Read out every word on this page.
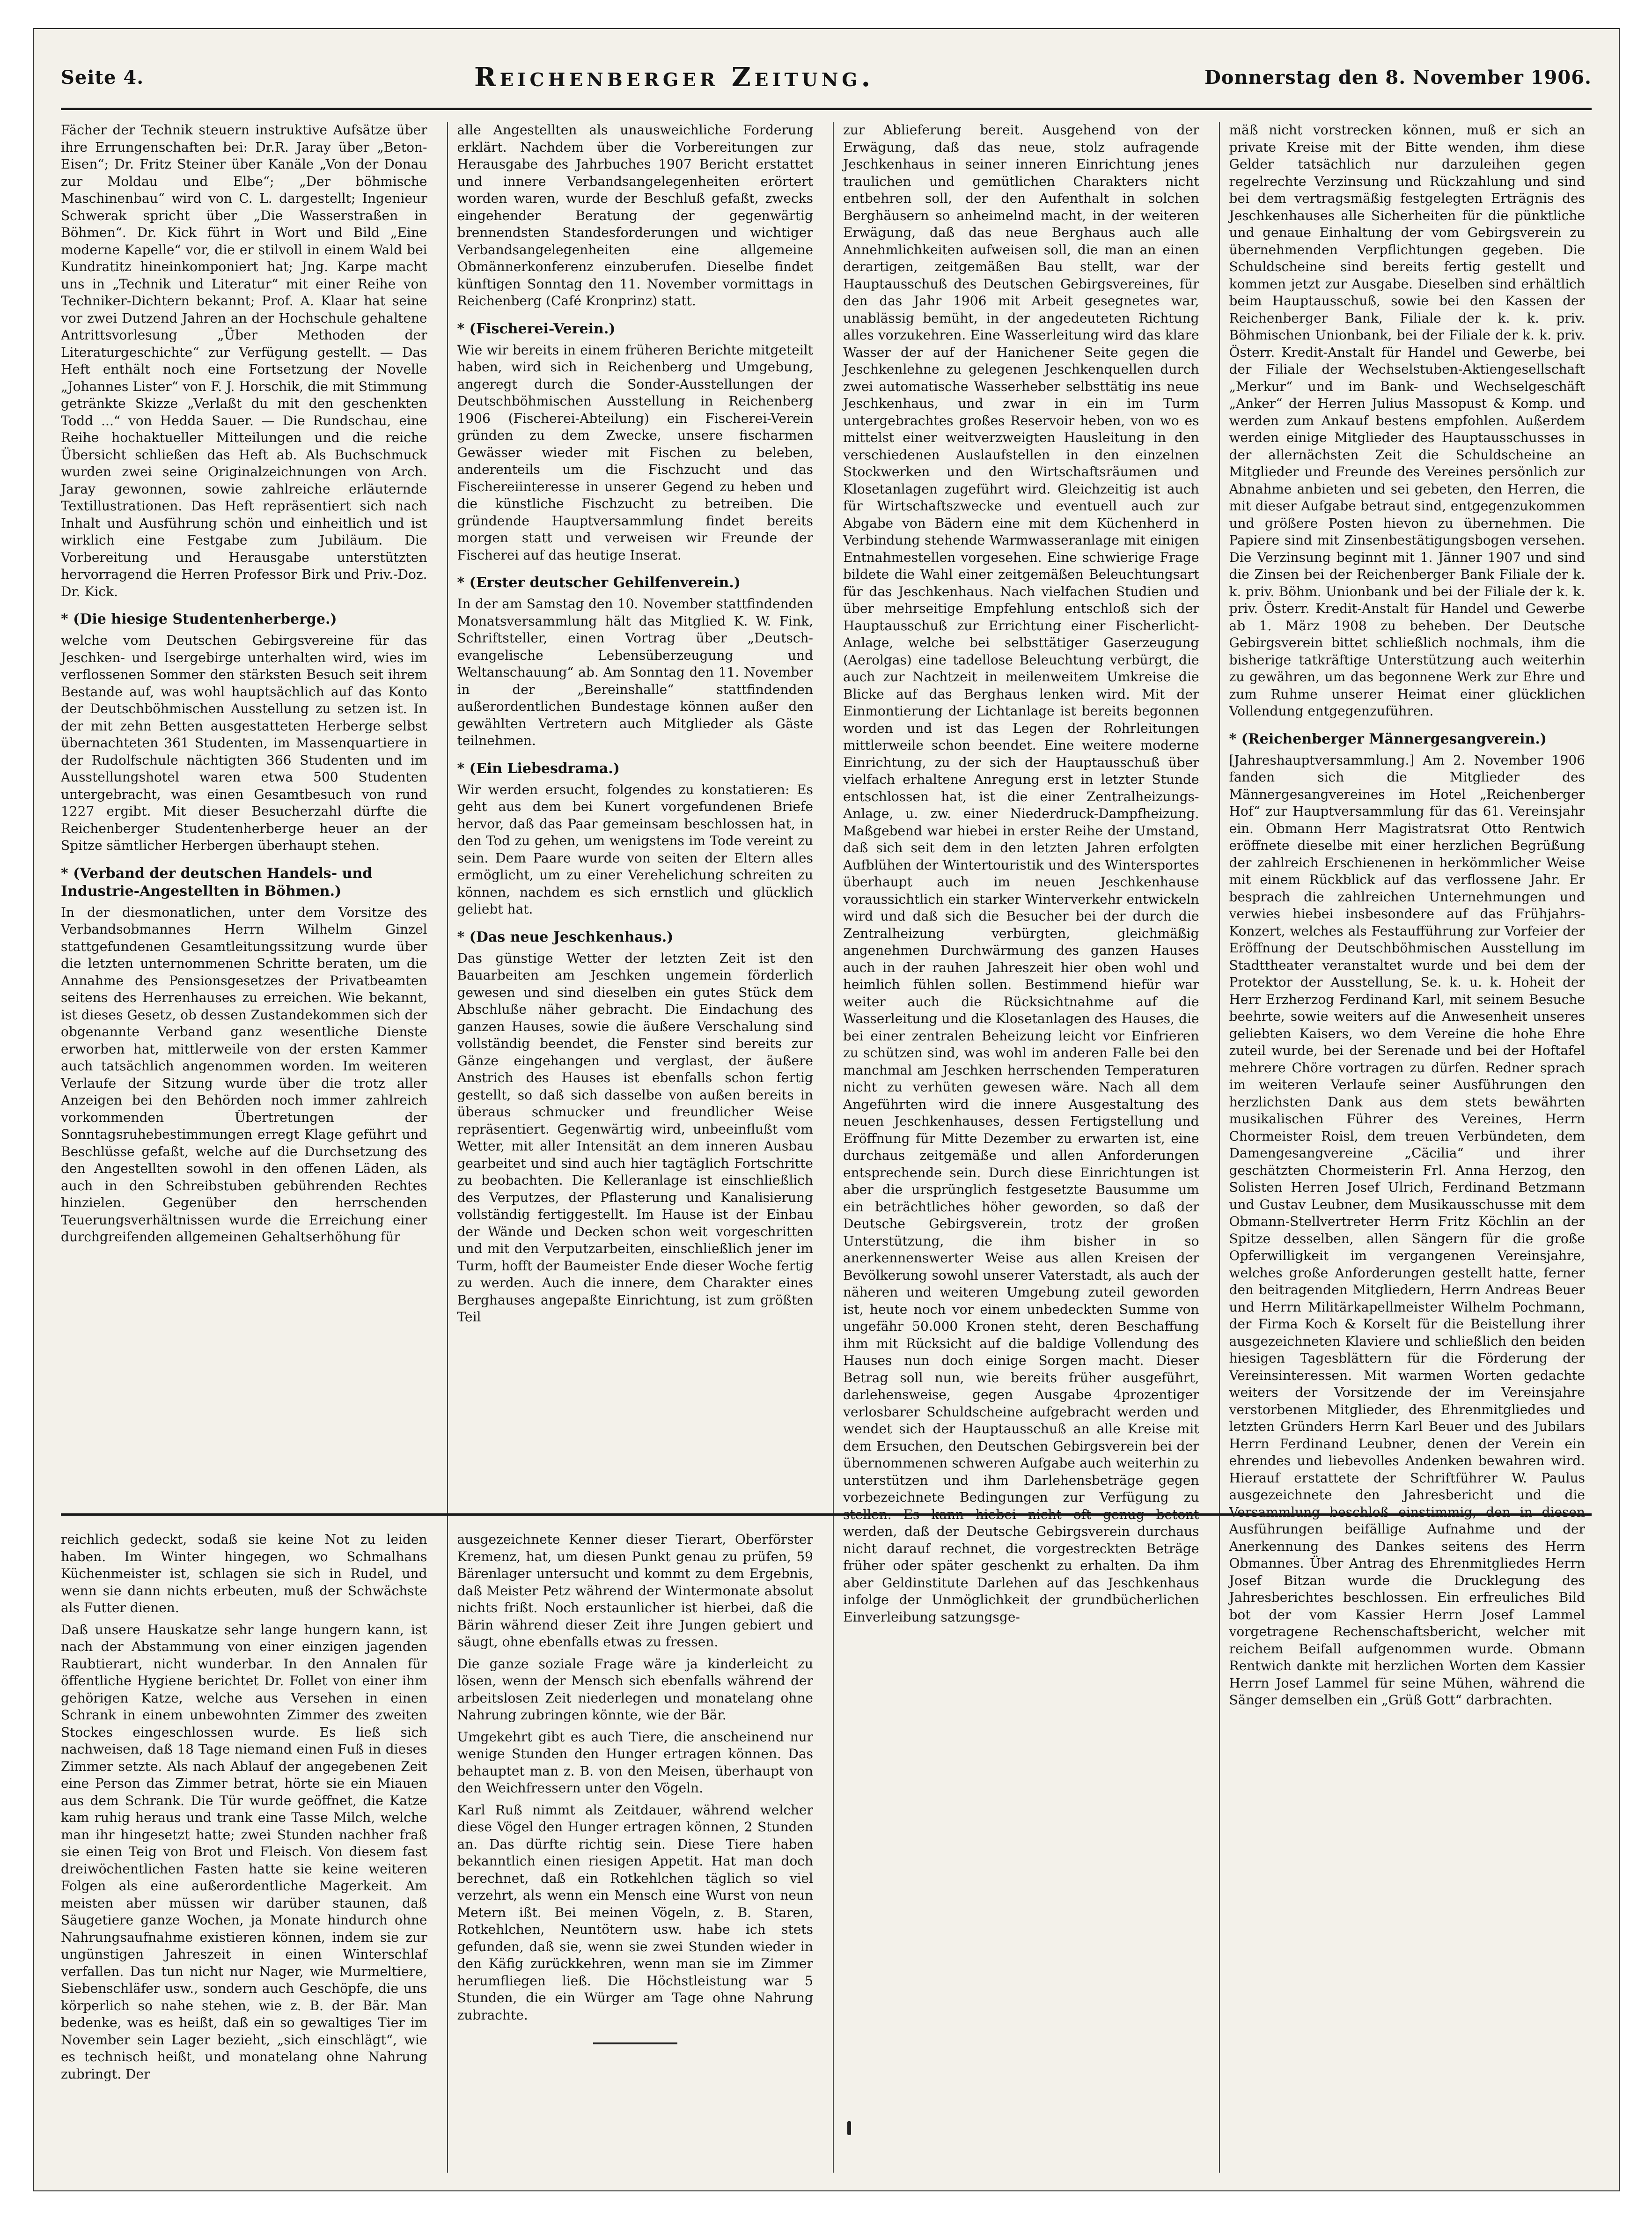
Seite 4.	Reichenberger Zeitung.	Donnerstag den 8. November 1906.

Fächer der Technik steuern instruktive Aufsätze über ihre Errungenschaften bei: Dr.R. Jaray über „Beton-Eisen“; Dr. Fritz Steiner über Kanäle „Von der Donau zur Moldau und Elbe“; „Der böhmische Maschinenbau“ wird von C. L. dargestellt; Ingenieur Schwerak spricht über „Die Wasserstraßen in Böhmen“. Dr. Kick führt in Wort und Bild „Eine moderne Kapelle“ vor, die er stilvoll in einem Wald bei Kundratitz hineinkomponiert hat; Jng. Karpe macht uns in „Technik und Literatur“ mit einer Reihe von Techniker-Dichtern bekannt; Prof. A. Klaar hat seine vor zwei Dutzend Jahren an der Hochschule gehaltene Antrittsvorlesung „Über Methoden der Literaturgeschichte“ zur Verfügung gestellt. — Das Heft enthält noch eine Fortsetzung der Novelle „Johannes Lister“ von F. J. Horschik, die mit Stimmung getränkte Skizze „Verlaßt du mit den geschenkten Todd ...“ von Hedda Sauer. — Die Rundschau, eine Reihe hochaktueller Mitteilungen und die reiche Übersicht schließen das Heft ab. Als Buchschmuck wurden zwei seine Originalzeichnungen von Arch. Jaray gewonnen, sowie zahlreiche erläuternde Textillustrationen. Das Heft repräsentiert sich nach Inhalt und Ausführung schön und einheitlich und ist wirklich eine Festgabe zum Jubiläum. Die Vorbereitung und Herausgabe unterstützten hervorragend die Herren Professor Birk und Priv.-Doz. Dr. Kick.

* (Die hiesige Studentenherberge.)

welche vom Deutschen Gebirgsvereine für das Jeschken- und Isergebirge unterhalten wird, wies im verflossenen Sommer den stärksten Besuch seit ihrem Bestande auf, was wohl hauptsächlich auf das Konto der Deutschböhmischen Ausstellung zu setzen ist. In der mit zehn Betten ausgestatteten Herberge selbst übernachteten 361 Studenten, im Massenquartiere in der Rudolfschule nächtigten 366 Studenten und im Ausstellungshotel waren etwa 500 Studenten untergebracht, was einen Gesamtbesuch von rund 1227 ergibt. Mit dieser Besucherzahl dürfte die Reichenberger Studentenherberge heuer an der Spitze sämtlicher Herbergen überhaupt stehen.

* (Verband der deutschen Handels- und Industrie-Angestellten in Böhmen.)

In der diesmonatlichen, unter dem Vorsitze des Verbandsobmannes Herrn Wilhelm Ginzel stattgefundenen Gesamtleitungssitzung wurde über die letzten unternommenen Schritte beraten, um die Annahme des Pensionsgesetzes der Privatbeamten seitens des Herrenhauses zu erreichen. Wie bekannt, ist dieses Gesetz, ob dessen Zustandekommen sich der obgenannte Verband ganz wesentliche Dienste erworben hat, mittlerweile von der ersten Kammer auch tatsächlich angenommen worden. Im weiteren Verlaufe der Sitzung wurde über die trotz aller Anzeigen bei den Behörden noch immer zahlreich vorkommenden Übertretungen der Sonntagsruhebestimmungen erregt Klage geführt und Beschlüsse gefaßt, welche auf die Durchsetzung des den Angestellten sowohl in den offenen Läden, als auch in den Schreibstuben gebührenden Rechtes hinzielen. Gegenüber den herrschenden Teuerungsverhältnissen wurde die Erreichung einer durchgreifenden allgemeinen Gehaltserhöhung für

alle Angestellten als unausweichliche Forderung erklärt. Nachdem über die Vorbereitungen zur Herausgabe des Jahrbuches 1907 Bericht erstattet und innere Verbandsangelegenheiten erörtert worden waren, wurde der Beschluß gefaßt, zwecks eingehender Beratung der gegenwärtig brennendsten Standesforderungen und wichtiger Verbandsangelegenheiten eine allgemeine Obmännerkonferenz einzuberufen. Dieselbe findet künftigen Sonntag den 11. November vormittags in Reichenberg (Café Kronprinz) statt.

* (Fischerei-Verein.)

Wie wir bereits in einem früheren Berichte mitgeteilt haben, wird sich in Reichenberg und Umgebung, angeregt durch die Sonder-Ausstellungen der Deutschböhmischen Ausstellung in Reichenberg 1906 (Fischerei-Abteilung) ein Fischerei-Verein gründen zu dem Zwecke, unsere fischarmen Gewässer wieder mit Fischen zu beleben, anderenteils um die Fischzucht und das Fischereiinteresse in unserer Gegend zu heben und die künstliche Fischzucht zu betreiben. Die gründende Hauptversammlung findet bereits morgen statt und verweisen wir Freunde der Fischerei auf das heutige Inserat.

* (Erster deutscher Gehilfenverein.)

In der am Samstag den 10. November stattfindenden Monatsversammlung hält das Mitglied K. W. Fink, Schriftsteller, einen Vortrag über „Deutsch-evangelische Lebensüberzeugung und Weltanschauung“ ab. Am Sonntag den 11. November in der „Bereinshalle“ stattfindenden außerordentlichen Bundestage können außer den gewählten Vertretern auch Mitglieder als Gäste teilnehmen.

* (Ein Liebesdrama.)

Wir werden ersucht, folgendes zu konstatieren: Es geht aus dem bei Kunert vorgefundenen Briefe hervor, daß das Paar gemeinsam beschlossen hat, in den Tod zu gehen, um wenigstens im Tode vereint zu sein. Dem Paare wurde von seiten der Eltern alles ermöglicht, um zu einer Verehelichung schreiten zu können, nachdem es sich ernstlich und glücklich geliebt hat.

* (Das neue Jeschkenhaus.)

Das günstige Wetter der letzten Zeit ist den Bauarbeiten am Jeschken ungemein förderlich gewesen und sind dieselben ein gutes Stück dem Abschluße näher gebracht. Die Eindachung des ganzen Hauses, sowie die äußere Verschalung sind vollständig beendet, die Fenster sind bereits zur Gänze eingehangen und verglast, der äußere Anstrich des Hauses ist ebenfalls schon fertig gestellt, so daß sich dasselbe von außen bereits in überaus schmucker und freundlicher Weise repräsentiert. Gegenwärtig wird, unbeeinflußt vom Wetter, mit aller Intensität an dem inneren Ausbau gearbeitet und sind auch hier tagtäglich Fortschritte zu beobachten. Die Kelleranlage ist einschließlich des Verputzes, der Pflasterung und Kanalisierung vollständig fertiggestellt. Im Hause ist der Einbau der Wände und Decken schon weit vorgeschritten und mit den Verputzarbeiten, einschließlich jener im Turm, hofft der Baumeister Ende dieser Woche fertig zu werden. Auch die innere, dem Charakter eines Berghauses angepaßte Einrichtung, ist zum größten Teil

zur Ablieferung bereit. Ausgehend von der Erwägung, daß das neue, stolz aufragende Jeschkenhaus in seiner inneren Einrichtung jenes traulichen und gemütlichen Charakters nicht entbehren soll, der den Aufenthalt in solchen Berghäusern so anheimelnd macht, in der weiteren Erwägung, daß das neue Berghaus auch alle Annehmlichkeiten aufweisen soll, die man an einen derartigen, zeitgemäßen Bau stellt, war der Hauptausschuß des Deutschen Gebirgsvereines, für den das Jahr 1906 mit Arbeit gesegnetes war, unablässig bemüht, in der angedeuteten Richtung alles vorzukehren. Eine Wasserleitung wird das klare Wasser der auf der Hanichener Seite gegen die Jeschkenlehne zu gelegenen Jeschkenquellen durch zwei automatische Wasserheber selbsttätig ins neue Jeschkenhaus, und zwar in ein im Turm untergebrachtes großes Reservoir heben, von wo es mittelst einer weitverzweigten Hausleitung in den verschiedenen Auslaufstellen in den einzelnen Stockwerken und den Wirtschaftsräumen und Klosetanlagen zugeführt wird. Gleichzeitig ist auch für Wirtschaftszwecke und eventuell auch zur Abgabe von Bädern eine mit dem Küchenherd in Verbindung stehende Warmwasseranlage mit einigen Entnahmestellen vorgesehen. Eine schwierige Frage bildete die Wahl einer zeitgemäßen Beleuchtungsart für das Jeschkenhaus. Nach vielfachen Studien und über mehrseitige Empfehlung entschloß sich der Hauptausschuß zur Errichtung einer Fischerlicht-Anlage, welche bei selbsttätiger Gaserzeugung (Aerolgas) eine tadellose Beleuchtung verbürgt, die auch zur Nachtzeit in meilenweitem Umkreise die Blicke auf das Berghaus lenken wird. Mit der Einmontierung der Lichtanlage ist bereits begonnen worden und ist das Legen der Rohrleitungen mittlerweile schon beendet. Eine weitere moderne Einrichtung, zu der sich der Hauptausschuß über vielfach erhaltene Anregung erst in letzter Stunde entschlossen hat, ist die einer Zentralheizungs-Anlage, u. zw. einer Niederdruck-Dampfheizung. Maßgebend war hiebei in erster Reihe der Umstand, daß sich seit dem in den letzten Jahren erfolgten Aufblühen der Wintertouristik und des Wintersportes überhaupt auch im neuen Jeschkenhause voraussichtlich ein starker Winterverkehr entwickeln wird und daß sich die Besucher bei der durch die Zentralheizung verbürgten, gleichmäßig angenehmen Durchwärmung des ganzen Hauses auch in der rauhen Jahreszeit hier oben wohl und heimlich fühlen sollen. Bestimmend hiefür war weiter auch die Rücksichtnahme auf die Wasserleitung und die Klosetanlagen des Hauses, die bei einer zentralen Beheizung leicht vor Einfrieren zu schützen sind, was wohl im anderen Falle bei den manchmal am Jeschken herrschenden Temperaturen nicht zu verhüten gewesen wäre. Nach all dem Angeführten wird die innere Ausgestaltung des neuen Jeschkenhauses, dessen Fertigstellung und Eröffnung für Mitte Dezember zu erwarten ist, eine durchaus zeitgemäße und allen Anforderungen entsprechende sein. Durch diese Einrichtungen ist aber die ursprünglich festgesetzte Bausumme um ein beträchtliches höher geworden, so daß der Deutsche Gebirgsverein, trotz der großen Unterstützung, die ihm bisher in so anerkennenswerter Weise aus allen Kreisen der Bevölkerung sowohl unserer Vaterstadt, als auch der näheren und weiteren Umgebung zuteil geworden ist, heute noch vor einem unbedeckten Summe von ungefähr 50.000 Kronen steht, deren Beschaffung ihm mit Rücksicht auf die baldige Vollendung des Hauses nun doch einige Sorgen macht. Dieser Betrag soll nun, wie bereits früher ausgeführt, darlehensweise, gegen Ausgabe 4prozentiger verlosbarer Schuldscheine aufgebracht werden und wendet sich der Hauptausschuß an alle Kreise mit dem Ersuchen, den Deutschen Gebirgsverein bei der übernommenen schweren Aufgabe auch weiterhin zu unterstützen und ihm Darlehensbeträge gegen vorbezeichnete Bedingungen zur Verfügung zu stellen. Es kann hiebei nicht oft genug betont werden, daß der Deutsche Gebirgsverein durchaus nicht darauf rechnet, die vorgestreckten Beträge früher oder später geschenkt zu erhalten. Da ihm aber Geldinstitute Darlehen auf das Jeschkenhaus infolge der Unmöglichkeit der grundbücherlichen Einverleibung satzungsge-

mäß nicht vorstrecken können, muß er sich an private Kreise mit der Bitte wenden, ihm diese Gelder tatsächlich nur darzuleihen gegen regelrechte Verzinsung und Rückzahlung und sind bei dem vertragsmäßig festgelegten Erträgnis des Jeschkenhauses alle Sicherheiten für die pünktliche und genaue Einhaltung der vom Gebirgsverein zu übernehmenden Verpflichtungen gegeben. Die Schuldscheine sind bereits fertig gestellt und kommen jetzt zur Ausgabe. Dieselben sind erhältlich beim Hauptausschuß, sowie bei den Kassen der Reichenberger Bank, Filiale der k. k. priv. Böhmischen Unionbank, bei der Filiale der k. k. priv. Österr. Kredit-Anstalt für Handel und Gewerbe, bei der Filiale der Wechselstuben-Aktiengesellschaft „Merkur“ und im Bank- und Wechselgeschäft „Anker“ der Herren Julius Massopust & Komp. und werden zum Ankauf bestens empfohlen. Außerdem werden einige Mitglieder des Hauptausschusses in der allernächsten Zeit die Schuldscheine an Mitglieder und Freunde des Vereines persönlich zur Abnahme anbieten und sei gebeten, den Herren, die mit dieser Aufgabe betraut sind, entgegenzukommen und größere Posten hievon zu übernehmen. Die Papiere sind mit Zinsenbestätigungsbogen versehen. Die Verzinsung beginnt mit 1. Jänner 1907 und sind die Zinsen bei der Reichenberger Bank Filiale der k. k. priv. Böhm. Unionbank und bei der Filiale der k. k. priv. Österr. Kredit-Anstalt für Handel und Gewerbe ab 1. März 1908 zu beheben. Der Deutsche Gebirgsverein bittet schließlich nochmals, ihm die bisherige tatkräftige Unterstützung auch weiterhin zu gewähren, um das begonnene Werk zur Ehre und zum Ruhme unserer Heimat einer glücklichen Vollendung entgegenzuführen.

* (Reichenberger Männergesangverein.)

[Jahreshauptversammlung.] Am 2. November 1906 fanden sich die Mitglieder des Männergesangvereines im Hotel „Reichenberger Hof“ zur Hauptversammlung für das 61. Vereinsjahr ein. Obmann Herr Magistratsrat Otto Rentwich eröffnete dieselbe mit einer herzlichen Begrüßung der zahlreich Erschienenen in herkömmlicher Weise mit einem Rückblick auf das verflossene Jahr. Er besprach die zahlreichen Unternehmungen und verwies hiebei insbesondere auf das Frühjahrs-Konzert, welches als Festaufführung zur Vorfeier der Eröffnung der Deutschböhmischen Ausstellung im Stadttheater veranstaltet wurde und bei dem der Protektor der Ausstellung, Se. k. u. k. Hoheit der Herr Erzherzog Ferdinand Karl, mit seinem Besuche beehrte, sowie weiters auf die Anwesenheit unseres geliebten Kaisers, wo dem Vereine die hohe Ehre zuteil wurde, bei der Serenade und bei der Hoftafel mehrere Chöre vortragen zu dürfen. Redner sprach im weiteren Verlaufe seiner Ausführungen den herzlichsten Dank aus dem stets bewährten musikalischen Führer des Vereines, Herrn Chormeister Roisl, dem treuen Verbündeten, dem Damengesangvereine „Cäcilia“ und ihrer geschätzten Chormeisterin Frl. Anna Herzog, den Solisten Herren Josef Ulrich, Ferdinand Betzmann und Gustav Leubner, dem Musikausschusse mit dem Obmann-Stellvertreter Herrn Fritz Köchlin an der Spitze desselben, allen Sängern für die große Opferwilligkeit im vergangenen Vereinsjahre, welches große Anforderungen gestellt hatte, ferner den beitragenden Mitgliedern, Herrn Andreas Beuer und Herrn Militärkapellmeister Wilhelm Pochmann, der Firma Koch & Korselt für die Beistellung ihrer ausgezeichneten Klaviere und schließlich den beiden hiesigen Tagesblättern für die Förderung der Vereinsinteressen. Mit warmen Worten gedachte weiters der Vorsitzende der im Vereinsjahre verstorbenen Mitglieder, des Ehrenmitgliedes und letzten Gründers Herrn Karl Beuer und des Jubilars Herrn Ferdinand Leubner, denen der Verein ein ehrendes und liebevolles Andenken bewahren wird. Hierauf erstattete der Schriftführer W. Paulus ausgezeichnete den Jahresbericht und die Versammlung beschloß einstimmig, den in diesen Ausführungen beifällige Aufnahme und der Anerkennung des Dankes seitens des Herrn Obmannes. Über Antrag des Ehrenmitgliedes Herrn Josef Bitzan wurde die Drucklegung des Jahresberichtes beschlossen. Ein erfreuliches Bild bot der vom Kassier Herrn Josef Lammel vorgetragene Rechenschaftsbericht, welcher mit reichem Beifall aufgenommen wurde. Obmann Rentwich dankte mit herzlichen Worten dem Kassier Herrn Josef Lammel für seine Mühen, während die Sänger demselben ein „Grüß Gott“ darbrachten.

reichlich gedeckt, sodaß sie keine Not zu leiden haben. Im Winter hingegen, wo Schmalhans Küchenmeister ist, schlagen sie sich in Rudel, und wenn sie dann nichts erbeuten, muß der Schwächste als Futter dienen.

Daß unsere Hauskatze sehr lange hungern kann, ist nach der Abstammung von einer einzigen jagenden Raubtierart, nicht wunderbar. In den Annalen für öffentliche Hygiene berichtet Dr. Follet von einer ihm gehörigen Katze, welche aus Versehen in einen Schrank in einem unbewohnten Zimmer des zweiten Stockes eingeschlossen wurde. Es ließ sich nachweisen, daß 18 Tage niemand einen Fuß in dieses Zimmer setzte. Als nach Ablauf der angegebenen Zeit eine Person das Zimmer betrat, hörte sie ein Miauen aus dem Schrank. Die Tür wurde geöffnet, die Katze kam ruhig heraus und trank eine Tasse Milch, welche man ihr hingesetzt hatte; zwei Stunden nachher fraß sie einen Teig von Brot und Fleisch. Von diesem fast dreiwöchentlichen Fasten hatte sie keine weiteren Folgen als eine außerordentliche Magerkeit. Am meisten aber müssen wir darüber staunen, daß Säugetiere ganze Wochen, ja Monate hindurch ohne Nahrungsaufnahme existieren können, indem sie zur ungünstigen Jahreszeit in einen Winterschlaf verfallen. Das tun nicht nur Nager, wie Murmeltiere, Siebenschläfer usw., sondern auch Geschöpfe, die uns körperlich so nahe stehen, wie z. B. der Bär. Man bedenke, was es heißt, daß ein so gewaltiges Tier im November sein Lager bezieht, „sich einschlägt“, wie es technisch heißt, und monatelang ohne Nahrung zubringt. Der

ausgezeichnete Kenner dieser Tierart, Oberförster Kremenz, hat, um diesen Punkt genau zu prüfen, 59 Bärenlager untersucht und kommt zu dem Ergebnis, daß Meister Petz während der Wintermonate absolut nichts frißt. Noch erstaunlicher ist hierbei, daß die Bärin während dieser Zeit ihre Jungen gebiert und säugt, ohne ebenfalls etwas zu fressen.

Die ganze soziale Frage wäre ja kinderleicht zu lösen, wenn der Mensch sich ebenfalls während der arbeitslosen Zeit niederlegen und monatelang ohne Nahrung zubringen könnte, wie der Bär.

Umgekehrt gibt es auch Tiere, die anscheinend nur wenige Stunden den Hunger ertragen können. Das behauptet man z. B. von den Meisen, überhaupt von den Weichfressern unter den Vögeln.

Karl Ruß nimmt als Zeitdauer, während welcher diese Vögel den Hunger ertragen können, 2 Stunden an. Das dürfte richtig sein. Diese Tiere haben bekanntlich einen riesigen Appetit. Hat man doch berechnet, daß ein Rotkehlchen täglich so viel verzehrt, als wenn ein Mensch eine Wurst von neun Metern ißt. Bei meinen Vögeln, z. B. Staren, Rotkehlchen, Neuntötern usw. habe ich stets gefunden, daß sie, wenn sie zwei Stunden wieder in den Käfig zurückkehren, wenn man sie im Zimmer herumfliegen ließ. Die Höchstleistung war 5 Stunden, die ein Würger am Tage ohne Nahrung zubrachte.
